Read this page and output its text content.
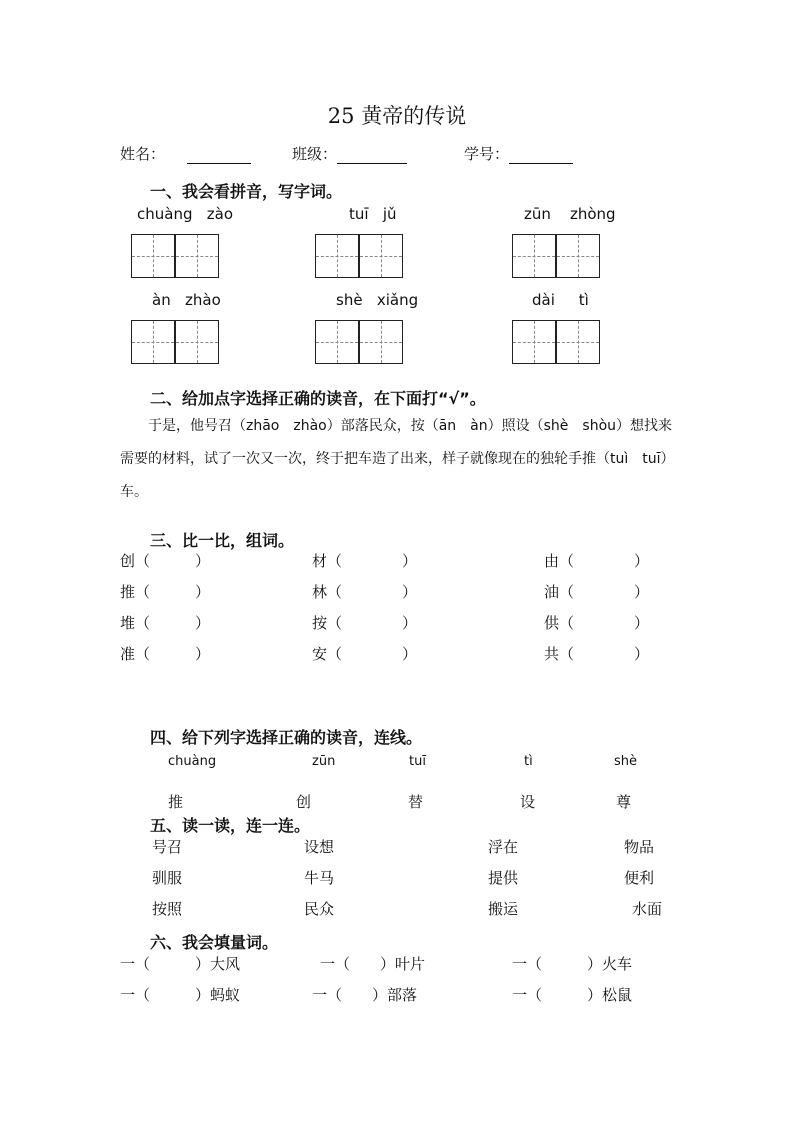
25 黄帝的传说
姓名：	班级：	学号：
一、我会看拼音，写字词。
chuàng zào	tuī jǔ	zūn zhòng
àn zhào	shè xiǎng	dài tì
二、给加点字选择正确的读音，在下面打“√”。
于是，他号召（zhāo　zhào）部落民众，按（ān　àn）照设（shè　shòu）想找来需要的材料，试了一次又一次，终于把车造了出来，样子就像现在的独轮手推（tuì　tuī）车。
三、比一比，组词。
创（　　　）	材（　　　　）	由（　　　　）
推（　　　）	林（　　　　）	油（　　　　）
堆（　　　）	按（　　　　）	供（　　　　）
准（　　　）	安（　　　　）	共（　　　　）
四、给下列字选择正确的读音，连线。
chuàng	zūn	tuī	tì	shè
推	创	替	设	尊
五、读一读，连一连。
号召	设想	浮在	物品
驯服	牛马	提供	便利
按照	民众	搬运	水面
六、我会填量词。
一（　　　）大风	一（　　）叶片	一（　　　）火车
一（　　　）蚂蚁	一（　　）部落	一（　　　）松鼠
